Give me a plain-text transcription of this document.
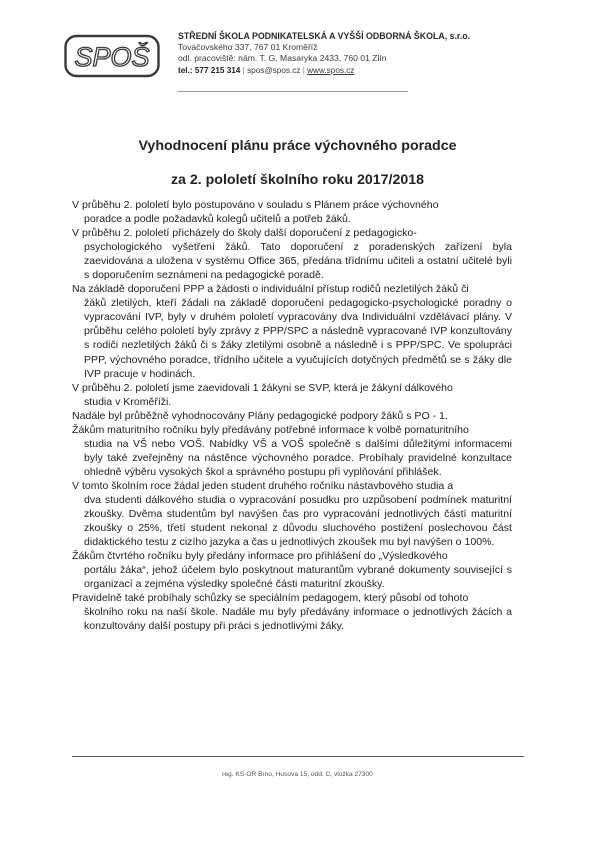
SPOŠ
STŘEDNÍ ŠKOLA PODNIKATELSKÁ A VYŠŠÍ ODBORNÁ ŠKOLA, s.r.o.
Tovačovského 337, 767 01 Kroměříž
odl. pracoviště: nám. T. G. Masaryka 2433, 760 01 Zlín
tel.: 577 215 314 | spos@spos.cz | www.spos.cz
Vyhodnocení plánu práce výchovného poradce
za 2. pololetí školního roku 2017/2018

V průběhu 2. pololetí bylo postupováno v souladu s Plánem práce výchovného
poradce a podle požadavků kolegů učitelů a potřeb žáků.

V průběhu 2. pololetí přicházely do školy další doporučení z pedagogicko-
psychologického vyšetření žáků. Tato doporučení z poradenských zařízení byla zaevidována a uložena v systému Office 365, předána třídnímu učiteli a ostatní učitelé byli s doporučením seznámeni na pedagogické poradě.

Na základě doporučení PPP a žádosti o individuální přístup rodičů nezletilých žáků či
žáků zletilých, kteří žádali na základě doporučení pedagogicko-psychologické poradny o vypracování IVP, byly v druhém pololetí vypracovány dva Individuální vzdělávací plány. V průběhu celého pololetí byly zprávy z PPP/SPC a následně vypracované IVP konzultovány s rodiči nezletilých žáků či s žáky zletilými osobně a následně i s PPP/SPC. Ve spolupráci PPP, výchovného poradce, třídního učitele a vyučujících dotyčných předmětů se s žáky dle IVP pracuje v hodinách.

V průběhu 2. pololetí jsme zaevidovali 1 žákyni se SVP, která je žákyní dálkového
studia v Kroměříži.

Nadále byl průběžně vyhodnocovány Plány pedagogické podpory žáků s PO - 1.

Žákům maturitního ročníku byly předávány potřebné informace k volbě pomaturitního
studia na VŠ nebo VOŠ. Nabídky VŠ a VOŠ společně s dalšími důležitými informacemi byly také zveřejněny na nástěnce výchovného poradce. Probíhaly pravidelné konzultace ohledně výběru vysokých škol a správného postupu při vyplňování přihlášek.

V tomto školním roce žádal jeden student druhého ročníku nástavbového studia a
dva studenti dálkového studia o vypracování posudku pro uzpůsobení podmínek maturitní zkoušky. Dvěma studentům byl navýšen čas pro vypracování jednotlivých částí maturitní zkoušky o 25%, třetí student nekonal z důvodu sluchového postižení poslechovou část didaktického testu z cizího jazyka a čas u jednotlivých zkoušek mu byl navýšen o 100%.

Žákům čtvrtého ročníku byly předány informace pro přihlášení do „Výsledkového
portálu žáka“, jehož účelem bylo poskytnout maturantům vybrané dokumenty související s organizací a zejména výsledky společné části maturitní zkoušky.

Pravidelně také probíhaly schůzky se speciálním pedagogem, který působí od tohoto
školního roku na naší škole. Nadále mu byly předávány informace o jednotlivých žácích a konzultovány další postupy při práci s jednotlivými žáky.

reg. KS-OR Brno, Husova 15, odd. C, vložka 27300
